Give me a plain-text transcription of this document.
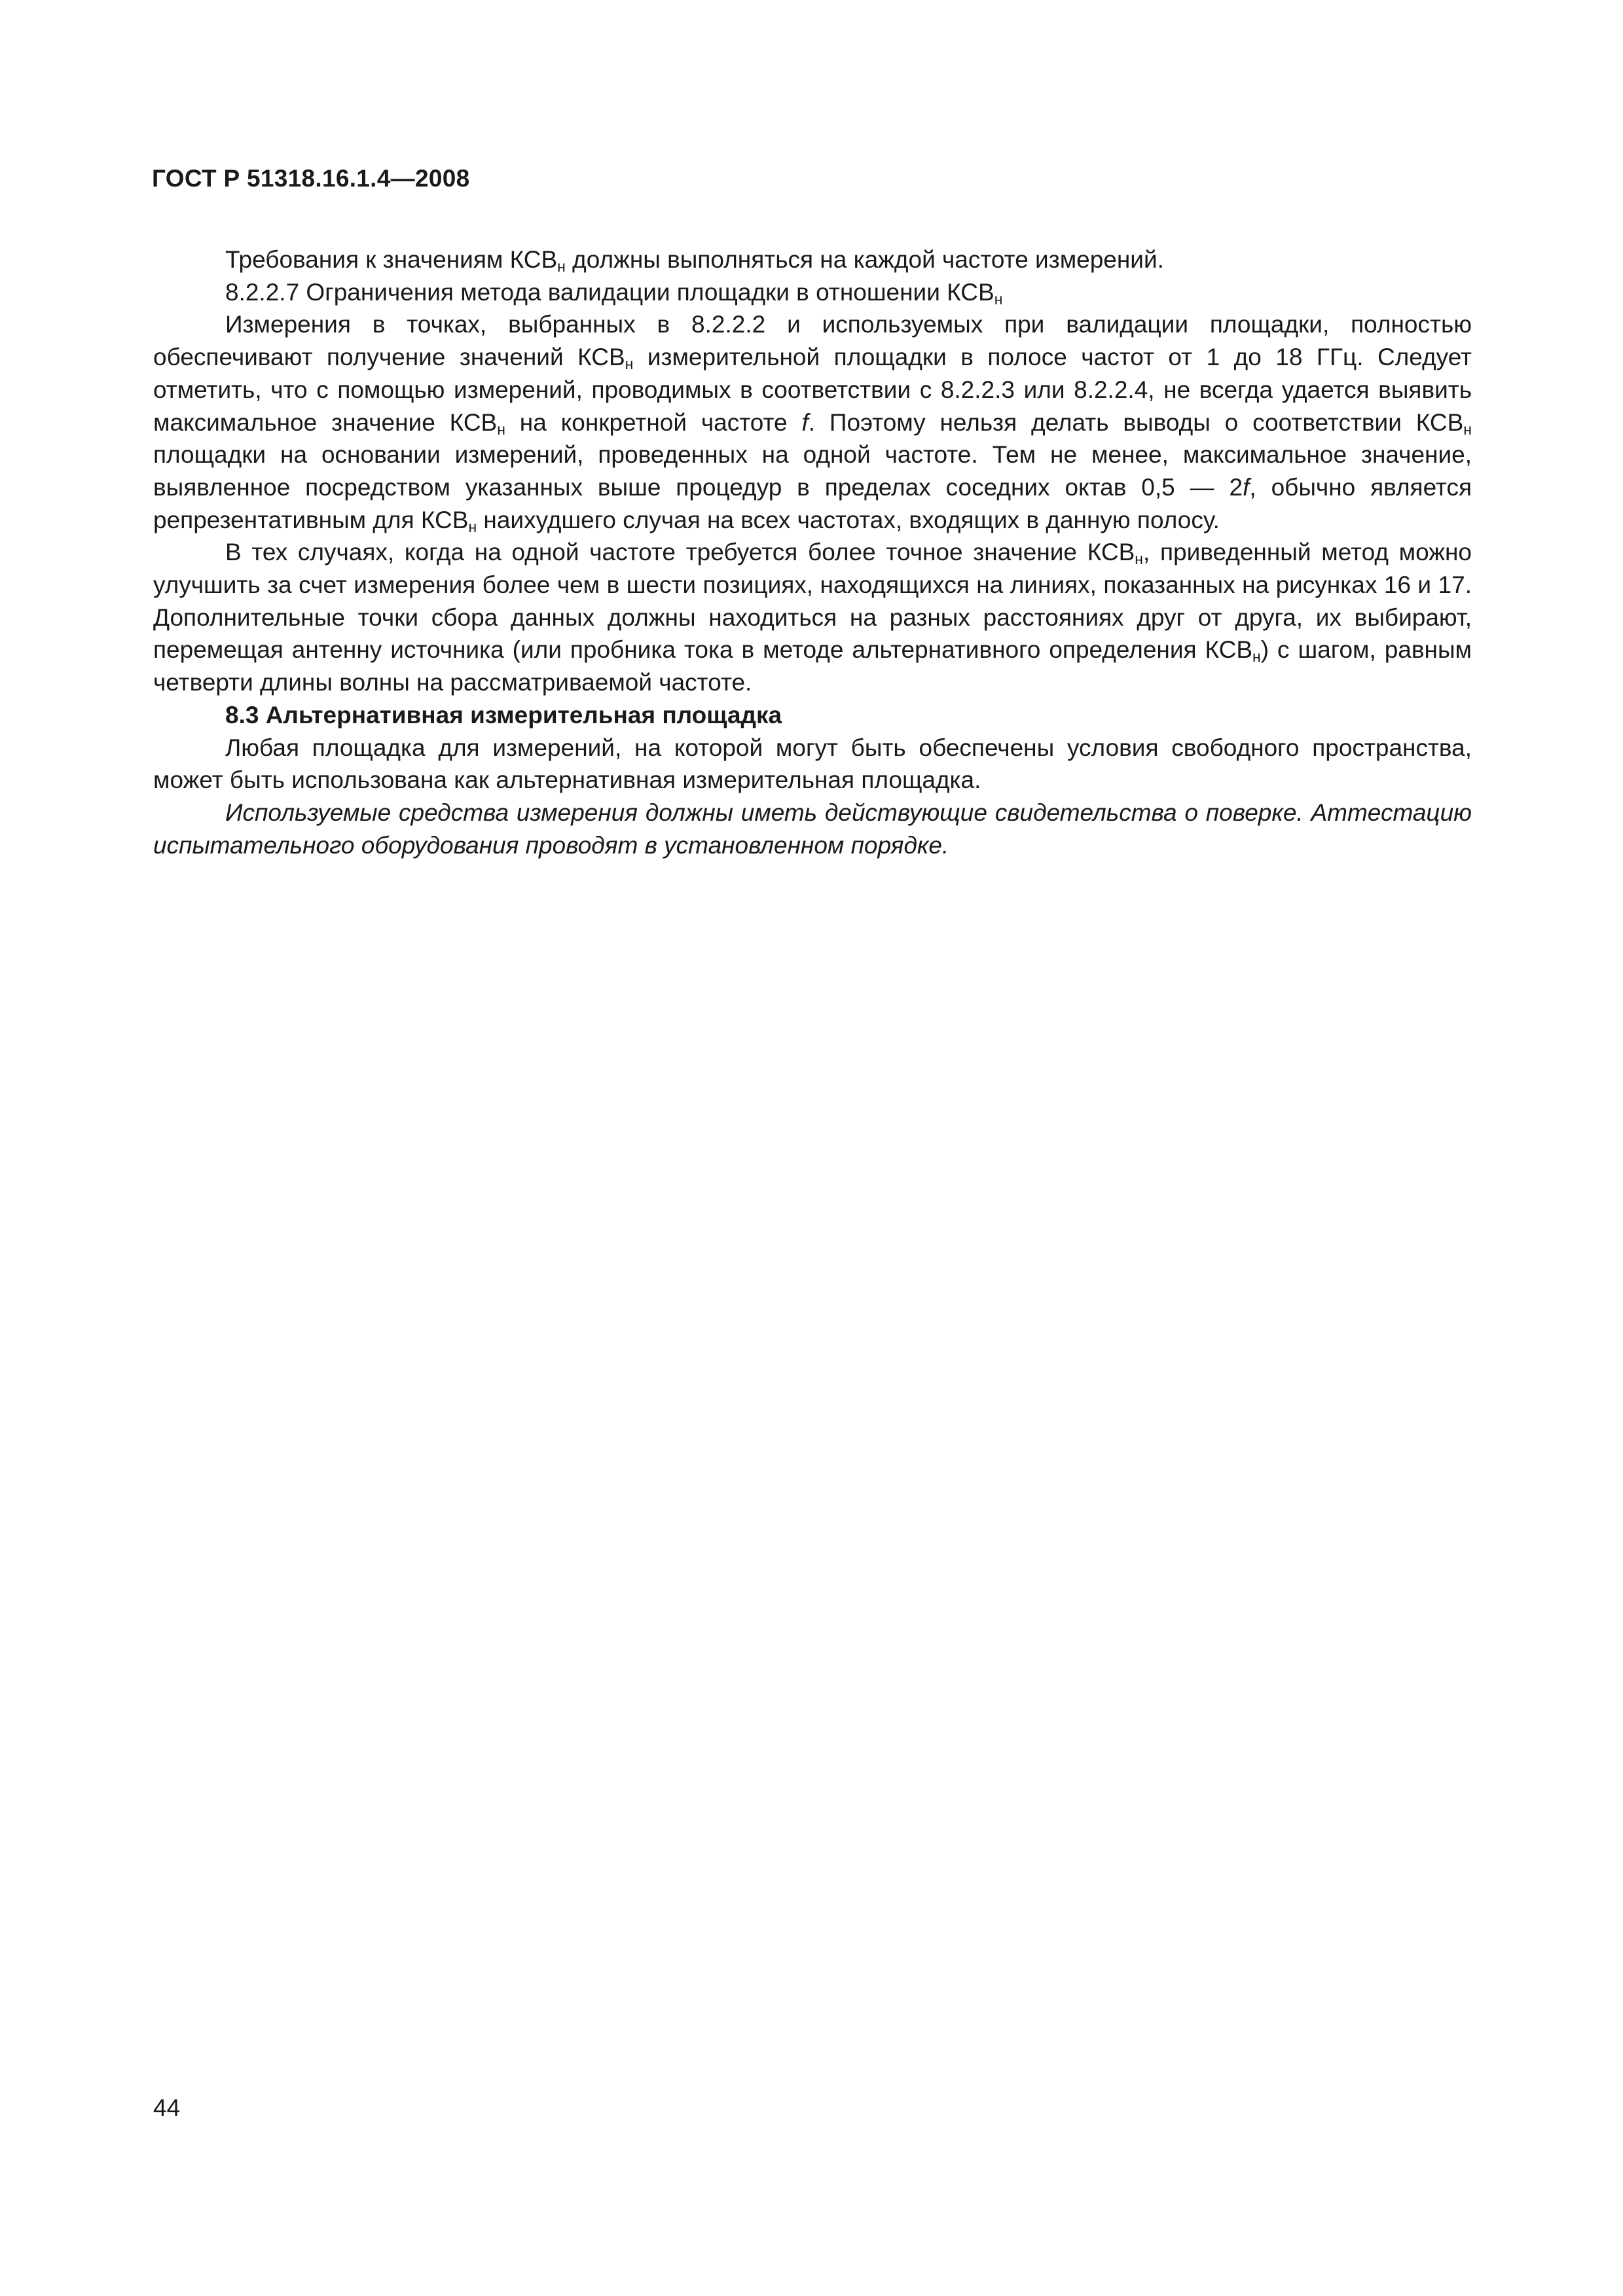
ГОСТ Р 51318.16.1.4—2008

Требования к значениям $КСВ_н$ должны выполняться на каждой частоте измерений.

8.2.2.7 Ограничения метода валидации площадки в отношении $КСВ_н$

Измерения в точках, выбранных в 8.2.2.2 и используемых при валидации площадки, полностью обеспечивают получение значений $КСВ_н$ измерительной площадки в полосе частот от 1 до 18 ГГц. Следует отметить, что с помощью измерений, проводимых в соответствии с 8.2.2.3 или 8.2.2.4, не всегда удается выявить максимальное значение $КСВ_н$ на конкретной частоте f. Поэтому нельзя делать выводы о соответствии $КСВ_н$ площадки на основании измерений, проведенных на одной частоте. Тем не менее, максимальное значение, выявленное посредством указанных выше процедур в пределах соседних октав 0,5 — 2f, обычно является репрезентативным для $КСВ_н$ наихудшего случая на всех частотах, входящих в данную полосу.

В тех случаях, когда на одной частоте требуется более точное значение $КСВ_н$, приведенный метод можно улучшить за счет измерения более чем в шести позициях, находящихся на линиях, показанных на рисунках 16 и 17. Дополнительные точки сбора данных должны находиться на разных расстояниях друг от друга, их выбирают, перемещая антенну источника (или пробника тока в методе альтернативного определения $КСВ_н$) с шагом, равным четверти длины волны на рассматриваемой частоте.

8.3 Альтернативная измерительная площадка

Любая площадка для измерений, на которой могут быть обеспечены условия свободного пространства, может быть использована как альтернативная измерительная площадка.

Используемые средства измерения должны иметь действующие свидетельства о поверке. Аттестацию испытательного оборудования проводят в установленном порядке.

44
